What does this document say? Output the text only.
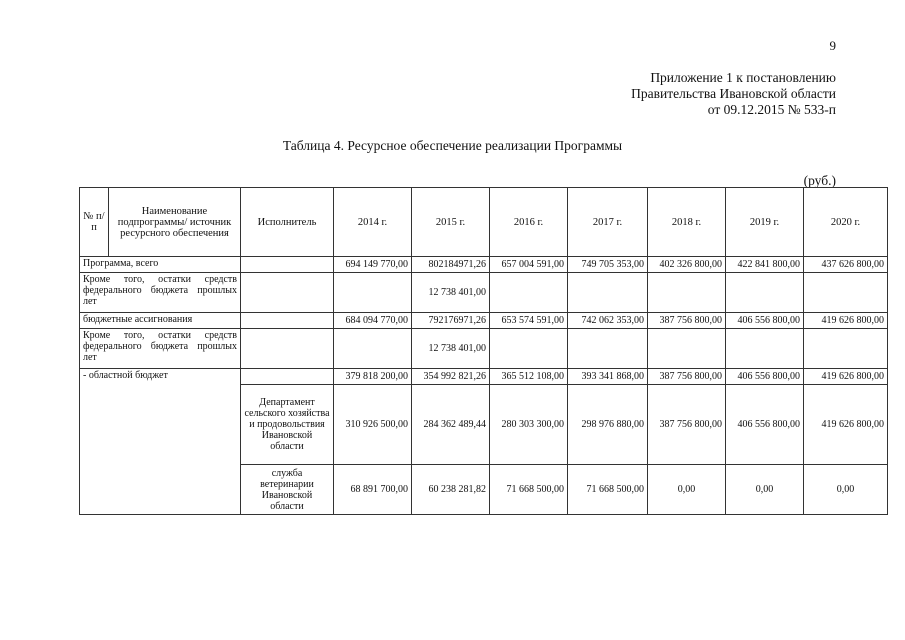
9
Приложение 1 к постановлению
Правительства Ивановской области
от 09.12.2015 № 533-п
Таблица 4. Ресурсное обеспечение реализации Программы
(руб.)
№ п/п	Наименование подпрограммы/ источник ресурсного обеспечения	Исполнитель	2014 г.	2015 г.	2016 г.	2017 г.	2018 г.	2019 г.	2020 г.
Программа, всего			694 149 770,00	802184971,26	657 004 591,00	749 705 353,00	402 326 800,00	422 841 800,00	437 626 800,00
Кроме того, остатки средств федерального бюджета прошлых лет				12 738 401,00					
бюджетные ассигнования			684 094 770,00	792176971,26	653 574 591,00	742 062 353,00	387 756 800,00	406 556 800,00	419 626 800,00
Кроме того, остатки средств федерального бюджета прошлых лет				12 738 401,00					
- областной бюджет			379 818 200,00	354 992 821,26	365 512 108,00	393 341 868,00	387 756 800,00	406 556 800,00	419 626 800,00
		Департамент сельского хозяйства и продовольствия Ивановской области	310 926 500,00	284 362 489,44	280 303 300,00	298 976 880,00	387 756 800,00	406 556 800,00	419 626 800,00
		служба ветеринарии Ивановской области	68 891 700,00	60 238 281,82	71 668 500,00	71 668 500,00	0,00	0,00	0,00
